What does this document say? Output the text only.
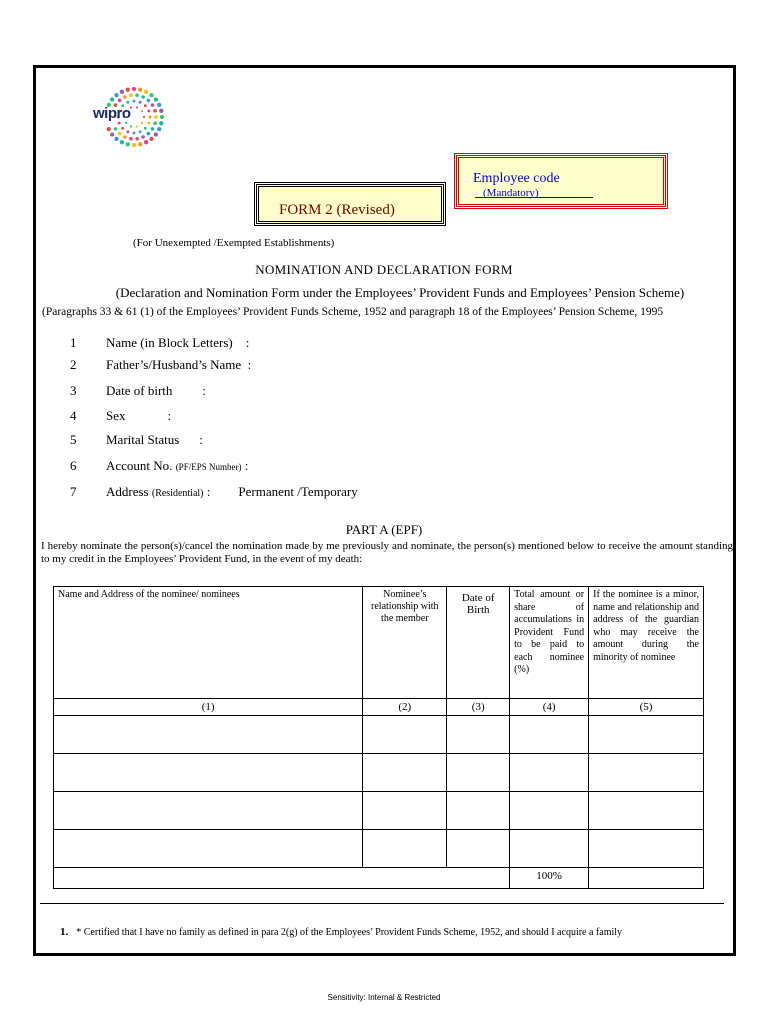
wipro
Employee code
(Mandatory)
FORM 2 (Revised)
(For Unexempted /Exempted Establishments)
NOMINATION AND DECLARATION FORM
(Declaration and Nomination Form under the Employees’ Provident Funds and Employees’ Pension Scheme)
(Paragraphs 33 & 61 (1) of the Employees’ Provident Funds Scheme, 1952 and paragraph 18 of the Employees’ Pension Scheme, 1995
1 Name (in Block Letters) :
2 Father’s/Husband’s Name :
3 Date of birth :
4 Sex	:
5 Marital Status :
6 Account No. (PF/EPS Number) :
7 Address (Residential) : Permanent /Temporary
PART A (EPF)
I hereby nominate the person(s)/cancel the nomination made by me previously and nominate, the person(s) mentioned below to receive the amount standing to my credit in the Employees’ Provident Fund, in the event of my death:
Name and Address of the nominee/ nominees	Nominee’s relationship with the member	Date of Birth	Total amount or share of accumulations in Provident Fund to be paid to each nominee (%)	If the nominee is a minor, name and relationship and address of the guardian who may receive the amount during the minority of nominee
(1)	(2)	(3)	(4)	(5)

			100%	
1. * Certified that I have no family as defined in para 2(g) of the Employees’ Provident Funds Scheme, 1952, and should I acquire a family
Sensitivity: Internal & Restricted
